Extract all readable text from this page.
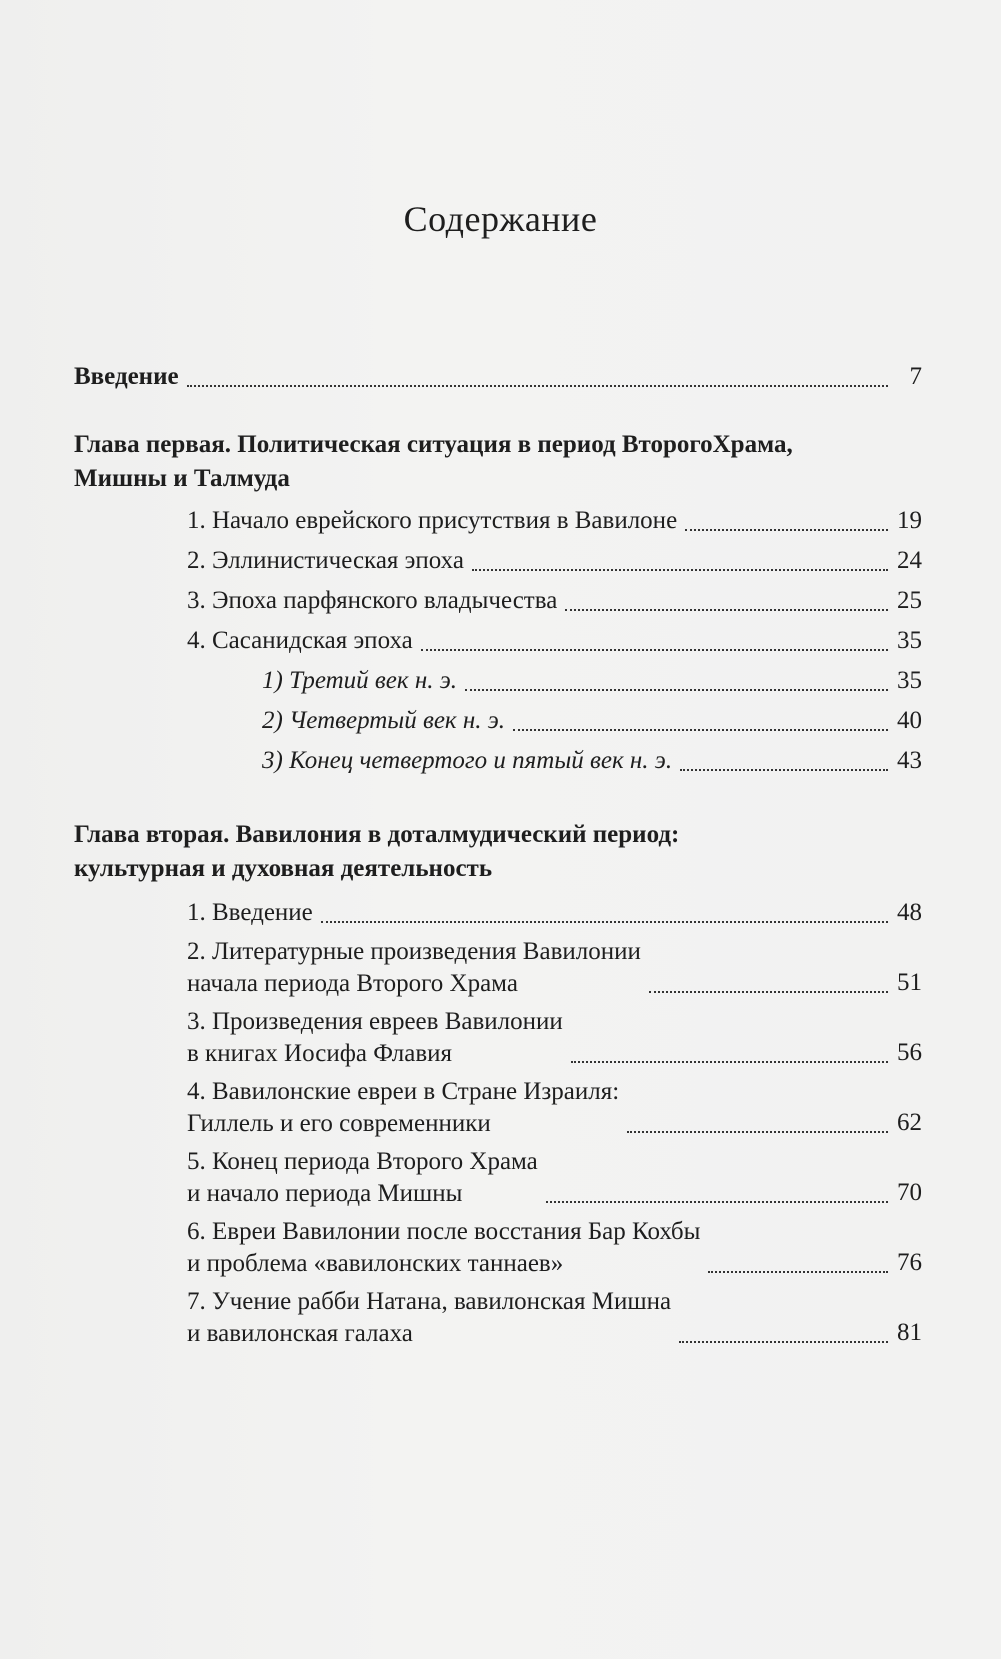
Содержание
Введение	7
Глава первая. Политическая ситуация в период ВторогоХрама, Мишны и Талмуда
1. Начало еврейского присутствия в Вавилоне	19
2. Эллинистическая эпоха	24
3. Эпоха парфянского владычества	25
4. Сасанидская эпоха	35
1) Третий век н. э.	35
2) Четвертый век н. э.	40
3) Конец четвертого и пятый век н. э.	43
Глава вторая. Вавилония в доталмудический период:
культурная и духовная деятельность
1. Введение	48
2. Литературные произведения Вавилонии
начала периода Второго Храма	51
3. Произведения евреев Вавилонии
в книгах Иосифа Флавия	56
4. Вавилонские евреи в Стране Израиля:
Гиллель и его современники	62
5. Конец периода Второго Храма
и начало периода Мишны	70
6. Евреи Вавилонии после восстания Бар Кохбы
и проблема «вавилонских таннаев»	76
7. Учение рабби Натана, вавилонская Мишна
и вавилонская галаха	81
